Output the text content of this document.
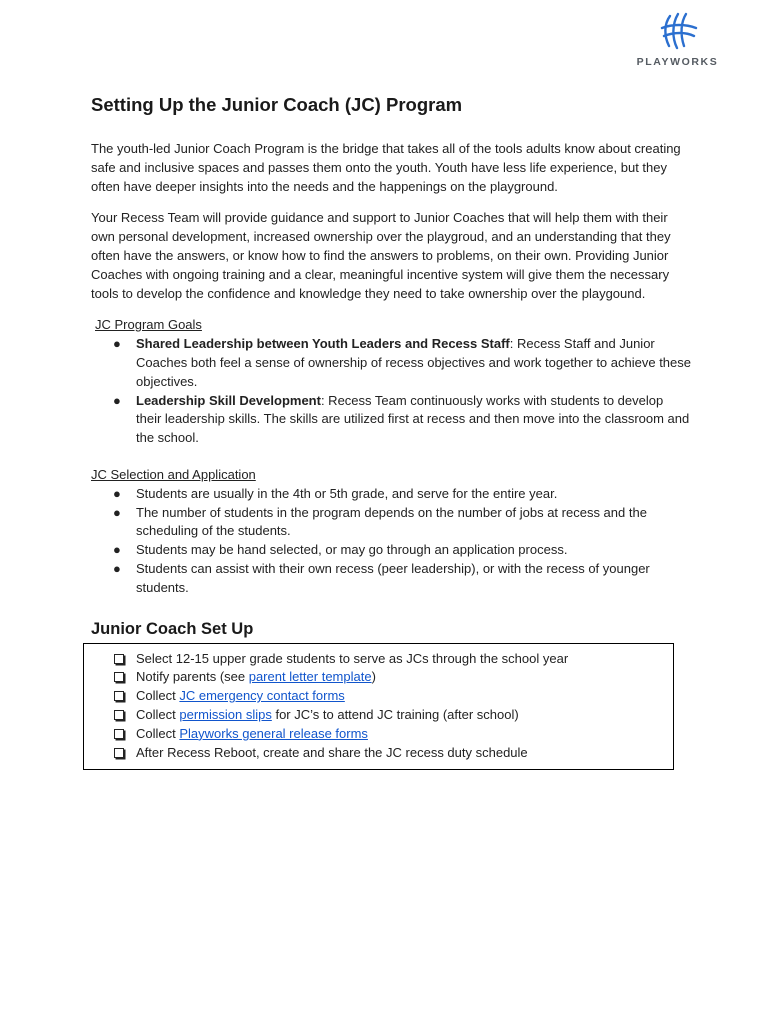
PLAYWORKS
Setting Up the Junior Coach (JC) Program

The youth-led Junior Coach Program is the bridge that takes all of the tools adults know about creating safe and inclusive spaces and passes them onto the youth. Youth have less life experience, but they often have deeper insights into the needs and the happenings on the playground.

Your Recess Team will provide guidance and support to Junior Coaches that will help them with their own personal development, increased ownership over the playgroud, and an understanding that they often have the answers, or know how to find the answers to problems, on their own. Providing Junior Coaches with ongoing training and a clear, meaningful incentive system will give them the necessary tools to develop the confidence and knowledge they need to take ownership over the playgound.

JC Program Goals
● Shared Leadership between Youth Leaders and Recess Staff: Recess Staff and Junior Coaches both feel a sense of ownership of recess objectives and work together to achieve these objectives.
● Leadership Skill Development: Recess Team continuously works with students to develop their leadership skills. The skills are utilized first at recess and then move into the classroom and the school.
JC Selection and Application
● Students are usually in the 4th or 5th grade, and serve for the entire year.
● The number of students in the program depends on the number of jobs at recess and the scheduling of the students.
● Students may be hand selected, or may go through an application process.
● Students can assist with their own recess (peer leadership), or with the recess of younger students.
Junior Coach Set Up
Select 12-15 upper grade students to serve as JCs through the school year
Notify parents (see parent letter template)
Collect JC emergency contact forms
Collect permission slips for JC’s to attend JC training (after school)
Collect Playworks general release forms
After Recess Reboot, create and share the JC recess duty schedule
